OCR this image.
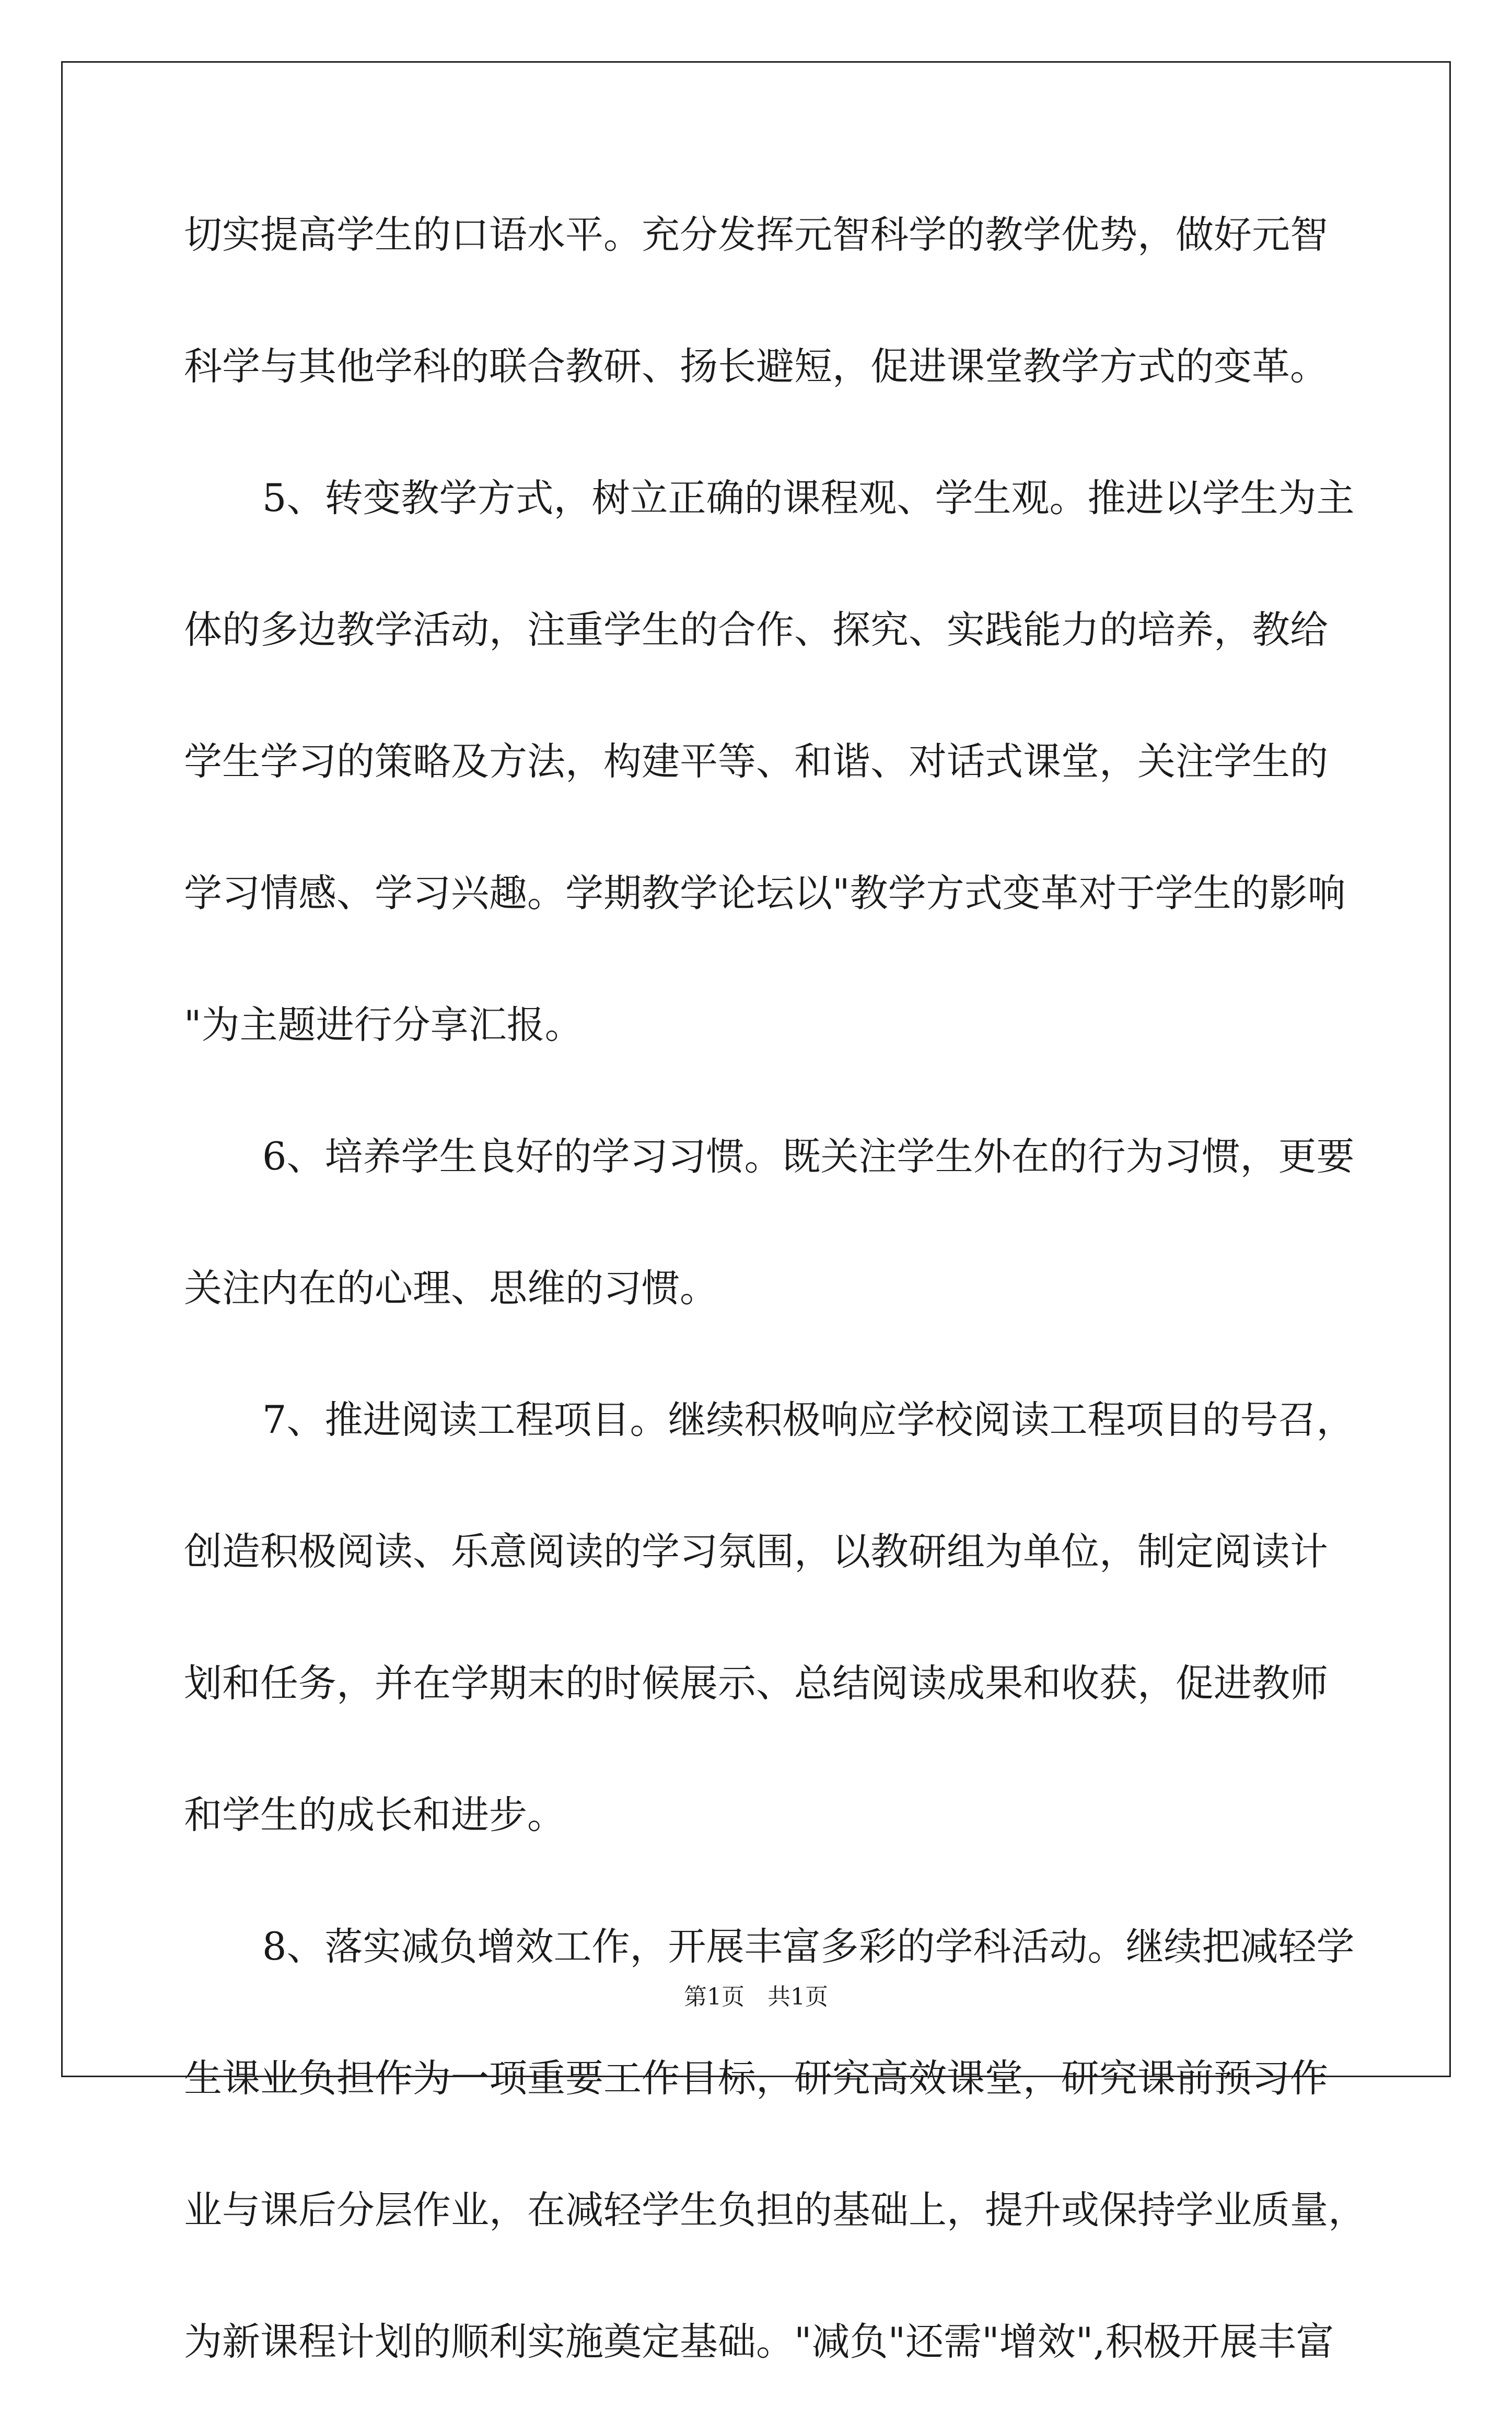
切实提高学生的口语水平。充分发挥元智科学的教学优势，做好元智
科学与其他学科的联合教研、扬长避短，促进课堂教学方式的变革。
5、转变教学方式，树立正确的课程观、学生观。推进以学生为主
体的多边教学活动，注重学生的合作、探究、实践能力的培养，教给
学生学习的策略及方法，构建平等、和谐、对话式课堂，关注学生的
学习情感、学习兴趣。学期教学论坛以"教学方式变革对于学生的影响
"为主题进行分享汇报。
6、培养学生良好的学习习惯。既关注学生外在的行为习惯，更要
关注内在的心理、思维的习惯。
7、推进阅读工程项目。继续积极响应学校阅读工程项目的号召，
创造积极阅读、乐意阅读的学习氛围，以教研组为单位，制定阅读计
划和任务，并在学期末的时候展示、总结阅读成果和收获，促进教师
和学生的成长和进步。
8、落实减负增效工作，开展丰富多彩的学科活动。继续把减轻学
生课业负担作为一项重要工作目标，研究高效课堂，研究课前预习作
业与课后分层作业，在减轻学生负担的基础上，提升或保持学业质量，
为新课程计划的顺利实施奠定基础。"减负"还需"增效",积极开展丰富
第1页　共1页
